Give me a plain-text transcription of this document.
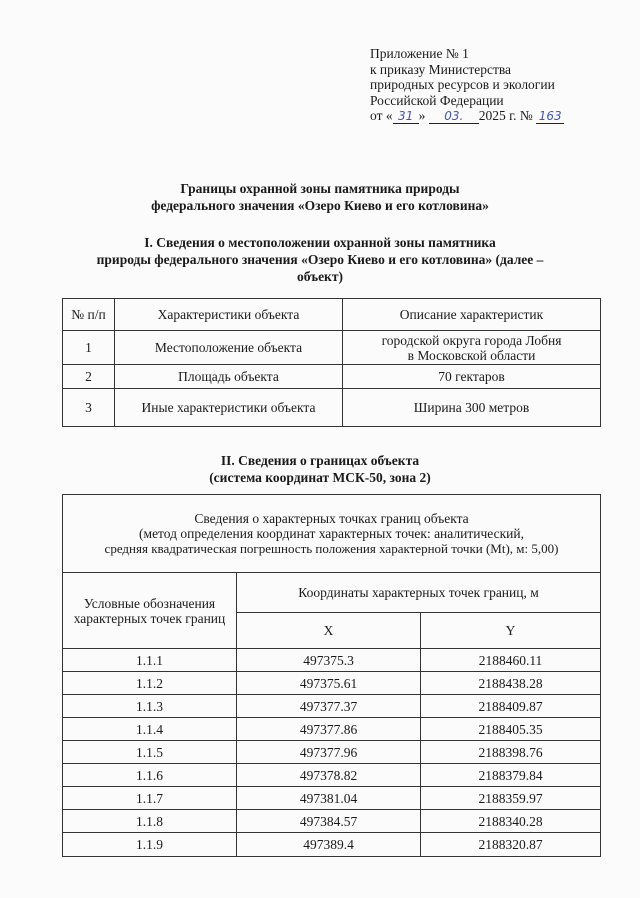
Приложение № 1
к приказу Министерства
природных ресурсов и экологии
Российской Федерации
от « 31 » 03. 2025 г. № 163
Границы охранной зоны памятника природы
федерального значения «Озеро Киево и его котловина»
I. Сведения о местоположении охранной зоны памятника
природы федерального значения «Озеро Киево и его котловина» (далее –
объект)
№ п/п	Характеристики объекта	Описание характеристик
1	Местоположение объекта	городской округа города Лобня
в Московской области

2	Площадь объекта	70 гектаров
3	Иные характеристики объекта	Ширина 300 метров
II. Сведения о границах объекта
(система координат МСК-50, зона 2)
Сведения о характерных точках границ объекта
(метод определения координат характерных точек: аналитический,
средняя квадратическая погрешность положения характерной точки (Mt), м: 5,00)		

Условные обозначения
характерных точек границ	Координаты характерных точек границ, м	
	X	Y
1.1.1	497375.3	2188460.11
1.1.2	497375.61	2188438.28
1.1.3	497377.37	2188409.87
1.1.4	497377.86	2188405.35
1.1.5	497377.96	2188398.76
1.1.6	497378.82	2188379.84
1.1.7	497381.04	2188359.97
1.1.8	497384.57	2188340.28
1.1.9	497389.4	2188320.87
